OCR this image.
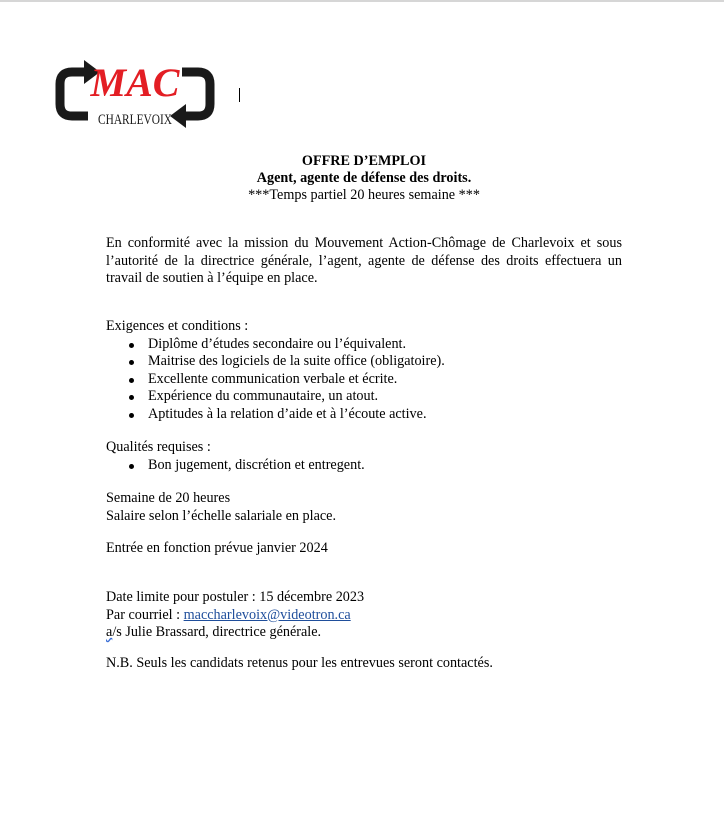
MAC
CHARLEVOIX
OFFRE D’EMPLOI
Agent, agente de défense des droits.
***Temps partiel 20 heures semaine ***
En conformité avec la mission du Mouvement Action-Chômage de Charlevoix et sous l’autorité de la directrice générale, l’agent, agente de défense des droits effectuera un travail de soutien à l’équipe en place.
Exigences et conditions :
Diplôme d’études secondaire ou l’équivalent.
Maitrise des logiciels de la suite office (obligatoire).
Excellente communication verbale et écrite.
Expérience du communautaire, un atout.
Aptitudes à la relation d’aide et à l’écoute active.
Qualités requises :
Bon jugement, discrétion et entregent.
Semaine de 20 heures
Salaire selon l’échelle salariale en place.
Entrée en fonction prévue janvier 2024
Date limite pour postuler : 15 décembre 2023
Par courriel : maccharlevoix@videotron.ca
a/s Julie Brassard, directrice générale.
N.B. Seuls les candidats retenus pour les entrevues seront contactés.
